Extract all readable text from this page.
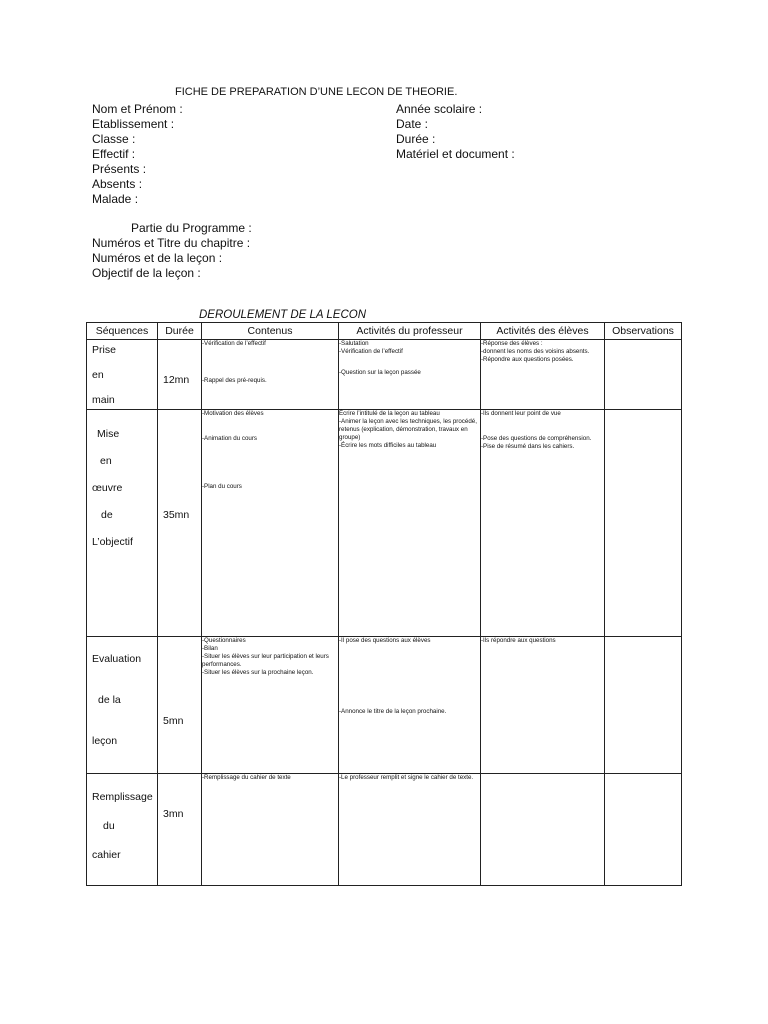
FICHE DE PREPARATION D’UNE LECON DE THEORIE.
Nom et Prénom :
Etablissement :
Classe :
Effectif :
Présents :
Absents :
Malade :
Année scolaire :
Date :
Durée :
Matériel et document :
Partie du Programme :
Numéros et Titre du chapitre :
Numéros et de la leçon :
Objectif de la leçon :
DEROULEMENT DE LA LECON
Séquences	Durée	Contenus	Activités du professeur	Activités des élèves	Observations

Prise
en
main	12mn	-Vérification de l’effectif
-Rappel des pré-requis.	-Salutation
-Vérification de l’effectif
-Question sur la leçon passée	-Réponse des élèves :
-donnent les noms des voisins absents.
-Répondre aux questions posées.	

Mise
en
œuvre
de
L’objectif	35mn	-Motivation des élèves
-Animation du cours
-Plan du cours	Écrire l’intitulé de la leçon au tableau
-Animer la leçon avec les techniques, les procédé, retenus (explication, démonstration, travaux en groupe)
-Écrire les mots difficiles au tableau	-Ils donnent leur point de vue
-Pose des questions de compréhension.
-Pise de résumé dans les cahiers.	

Evaluation
de la
leçon	5mn	-Questionnaires
-Bilan
-Situer les élèves sur leur participation et leurs performances.
-Situer les élèves sur la prochaine leçon.	-Il pose des questions aux élèves
-Annonce le titre de la leçon prochaine.	-Ils répondre aux questions	

Remplissage
du
cahier	3mn	-Remplissage du cahier de texte	-Le professeur remplit et signe le cahier de texte.		
